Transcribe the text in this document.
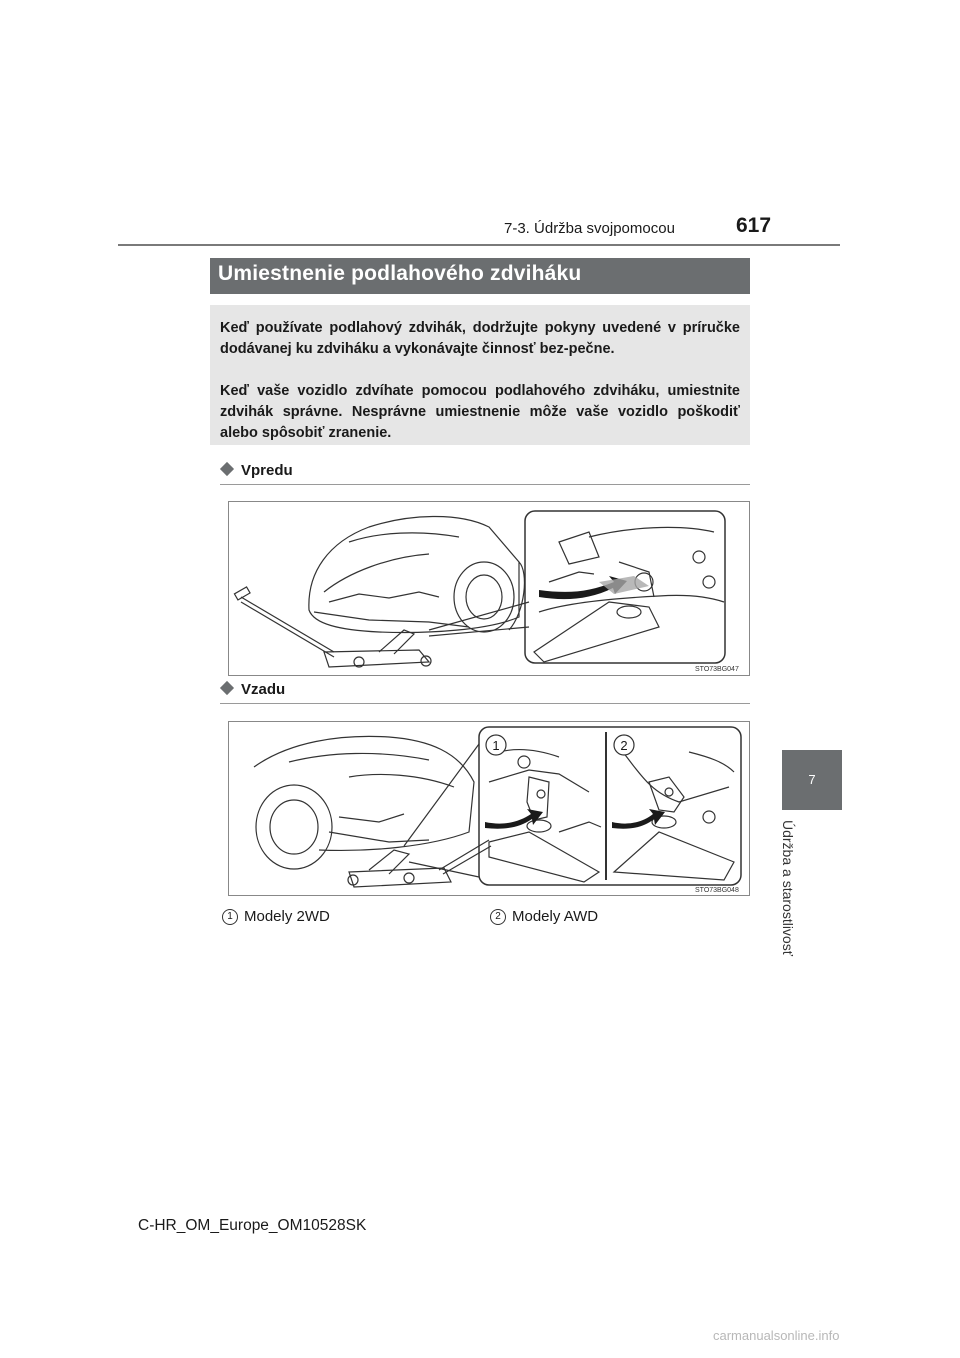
7-3. Údržba svojpomocou	617
7
Údržba a starostlivosť
Umiestnenie podlahového zdviháku

Keď používate podlahový zdvihák, dodržujte pokyny uvedené v príručke dodávanej ku zdviháku a vykonávajte činnosť bez-pečne.

Keď vaše vozidlo zdvíhate pomocou podlahového zdviháku, umiestnite zdvihák správne. Nesprávne umiestnenie môže vaše vozidlo poškodiť alebo spôsobiť zranenie.

Vpredu
STO73BG047
Vzadu
1	2
STO73BG048
1 Modely 2WD	2 Modely AWD
C-HR_OM_Europe_OM10528SK
carmanualsonline.info
